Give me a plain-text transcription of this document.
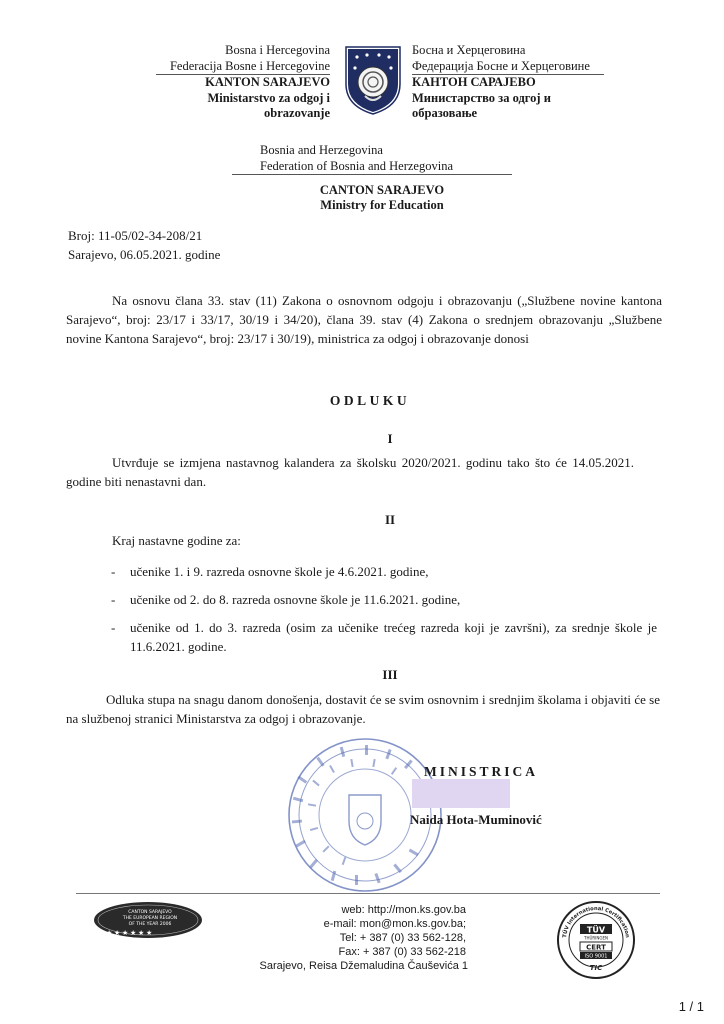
Bosna i Hercegovina
Federacija Bosne i Hercegovine
KANTON SARAJEVO
Ministarstvo za odgoj i
obrazovanje
Босна и Херцеговина
Федерација Босне и Херцеговине
КАНТОН САРАЈЕВО
Министарство за одгој и
образовање
Bosnia and Herzegovina
Federation of Bosnia and Herzegovina
CANTON SARAJEVO
Ministry for Education
Broj: 11-05/02-34-208/21
Sarajevo, 06.05.2021. godine
Na osnovu člana 33. stav (11) Zakona o osnovnom odgoju i obrazovanju („Službene novine kantona Sarajevo“, broj: 23/17 i 33/17, 30/19 i 34/20), člana 39. stav (4) Zakona o srednjem obrazovanju „Službene novine Kantona Sarajevo“, broj: 23/17 i 30/19), ministrica za odgoj i obrazovanje donosi
ODLUKU
I
Utvrđuje se izmjena nastavnog kalandera za školsku 2020/2021. godinu tako što će 14.05.2021. godine biti nenastavni dan.
II
Kraj nastavne godine za:
- učenike 1. i 9. razreda osnovne škole je 4.6.2021. godine,
- učenike od 2. do 8. razreda osnovne škole je 11.6.2021. godine,
- učenike od 1. do 3. razreda (osim za učenike trećeg razreda koji je završni), za srednje škole je 11.6.2021. godine.
III
Odluka stupa na snagu danom donošenja, dostavit će se svim osnovnim i srednjim školama i objaviti će se na službenoj stranici Ministarstva za odgoj i obrazovanje.
MINISTRICA
Naida Hota-Muminović
CANTON SARAJEVO
THE EUROPEAN REGION
OF THE YEAR 2006
★ ★ ★ ★ ★ ★
web: http://mon.ks.gov.ba
e-mail: mon@mon.ks.gov.ba;
Tel: + 387 (0) 33 562-128,
Fax: + 387 (0) 33 562-218
Sarajevo, Reisa Džemaludina Čauševića 1
TÜV International Certification
TÜV
THÜRINGEN
CERT
ISO 9001
TIC
1 / 1
